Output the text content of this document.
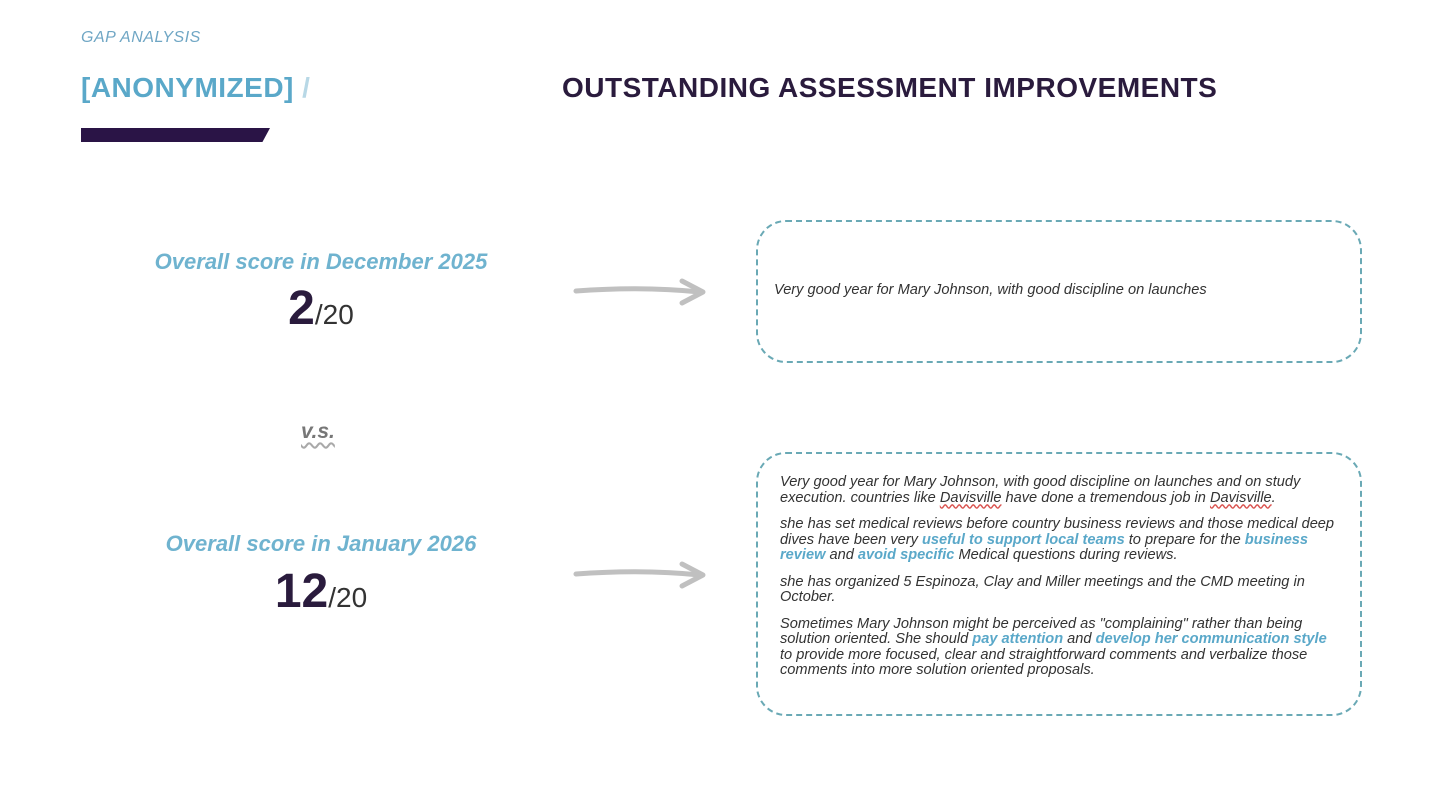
GAP ANALYSIS
[ANONYMIZED] /	OUTSTANDING ASSESSMENT IMPROVEMENTS
Overall score in December 2025
2/20
v.s.
Overall score in January 2026
12/20
Very good year for Mary Johnson, with good discipline on launches

Very good year for Mary Johnson, with good discipline on launches and on study execution. countries like Davisville have done a tremendous job in Davisville.

she has set medical reviews before country business reviews and those medical deep dives have been very useful to support local teams to prepare for the business review and avoid specific Medical questions during reviews.

she has organized 5 Espinoza, Clay and Miller meetings and the CMD meeting in October.

Sometimes Mary Johnson might be perceived as "complaining" rather than being solution oriented. She should pay attention and develop her communication style to provide more focused, clear and straightforward comments and verbalize those comments into more solution oriented proposals.
